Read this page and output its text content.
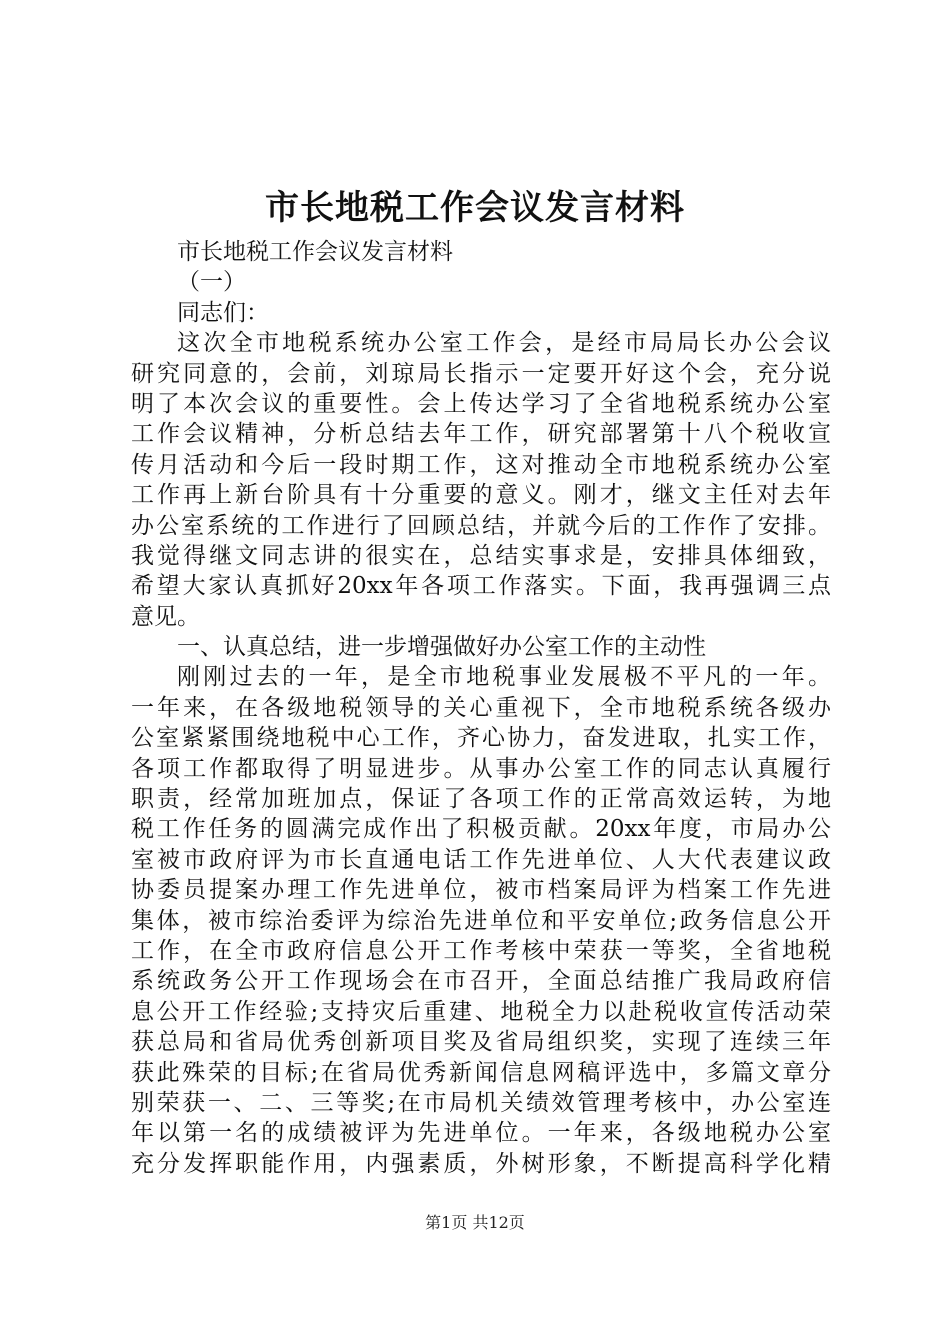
市长地税工作会议发言材料
市长地税工作会议发言材料
（一）
同志们：
这次全市地税系统办公室工作会，是经市局局长办公会议
研究同意的，会前，刘琼局长指示一定要开好这个会，充分说
明了本次会议的重要性。会上传达学习了全省地税系统办公室
工作会议精神，分析总结去年工作，研究部署第十八个税收宣
传月活动和今后一段时期工作，这对推动全市地税系统办公室
工作再上新台阶具有十分重要的意义。刚才，继文主任对去年
办公室系统的工作进行了回顾总结，并就今后的工作作了安排。
我觉得继文同志讲的很实在，总结实事求是，安排具体细致，
希望大家认真抓好20xx年各项工作落实。下面，我再强调三点
意见。
一、认真总结，进一步增强做好办公室工作的主动性
刚刚过去的一年，是全市地税事业发展极不平凡的一年。
一年来，在各级地税领导的关心重视下，全市地税系统各级办
公室紧紧围绕地税中心工作，齐心协力，奋发进取，扎实工作，
各项工作都取得了明显进步。从事办公室工作的同志认真履行
职责，经常加班加点，保证了各项工作的正常高效运转，为地
税工作任务的圆满完成作出了积极贡献。20xx年度，市局办公
室被市政府评为市长直通电话工作先进单位、人大代表建议政
协委员提案办理工作先进单位，被市档案局评为档案工作先进
集体，被市综治委评为综治先进单位和平安单位;政务信息公开
工作，在全市政府信息公开工作考核中荣获一等奖，全省地税
系统政务公开工作现场会在市召开，全面总结推广我局政府信
息公开工作经验;支持灾后重建、地税全力以赴税收宣传活动荣
获总局和省局优秀创新项目奖及省局组织奖，实现了连续三年
获此殊荣的目标;在省局优秀新闻信息网稿评选中，多篇文章分
别荣获一、二、三等奖;在市局机关绩效管理考核中，办公室连
年以第一名的成绩被评为先进单位。一年来，各级地税办公室
充分发挥职能作用，内强素质，外树形象，不断提高科学化精
第1页 共12页
